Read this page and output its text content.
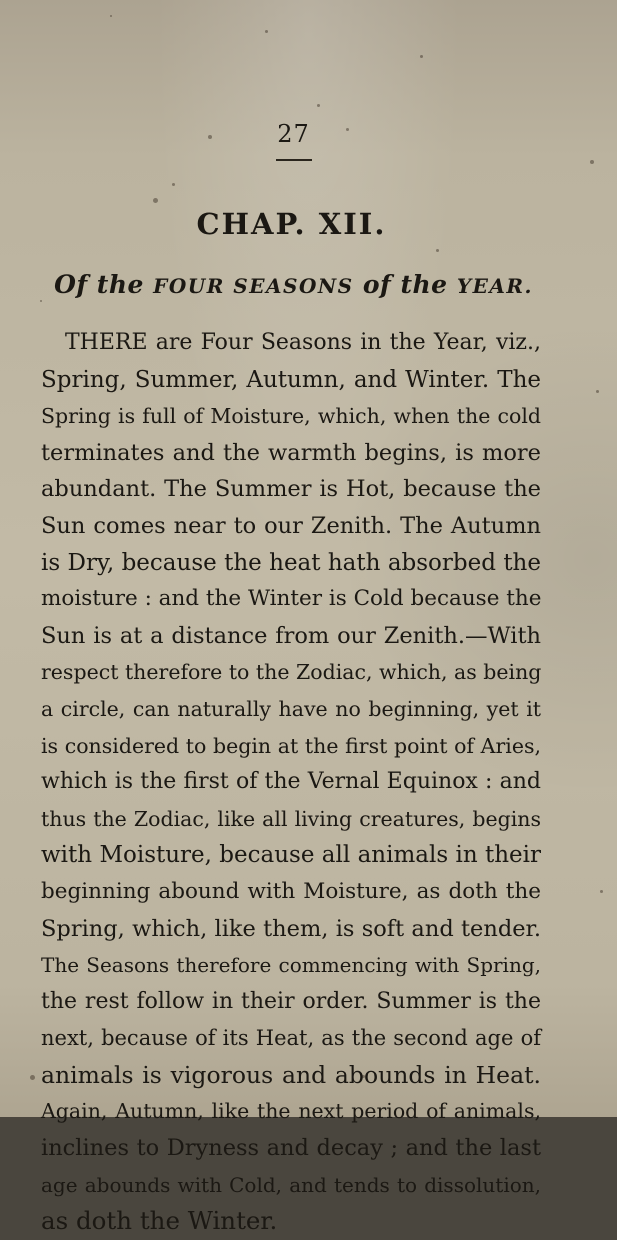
27
CHAP. XII.
Of the FOUR SEASONS of the YEAR.
THERE are Four Seasons in the Year, viz.,
Spring, Summer, Autumn, and Winter. The
Spring is full of Moisture, which, when the cold
terminates and the warmth begins, is more
abundant. The Summer is Hot, because the
Sun comes near to our Zenith. The Autumn
is Dry, because the heat hath absorbed the
moisture : and the Winter is Cold because the
Sun is at a distance from our Zenith.—With
respect therefore to the Zodiac, which, as being
a circle, can naturally have no beginning, yet it
is considered to begin at the first point of Aries,
which is the first of the Vernal Equinox : and
thus the Zodiac, like all living creatures, begins
with Moisture, because all animals in their
beginning abound with Moisture, as doth the
Spring, which, like them, is soft and tender.
The Seasons therefore commencing with Spring,
the rest follow in their order. Summer is the
next, because of its Heat, as the second age of
animals is vigorous and abounds in Heat.
Again, Autumn, like the next period of animals,
inclines to Dryness and decay ; and the last
age abounds with Cold, and tends to dissolution,
as doth the Winter.
